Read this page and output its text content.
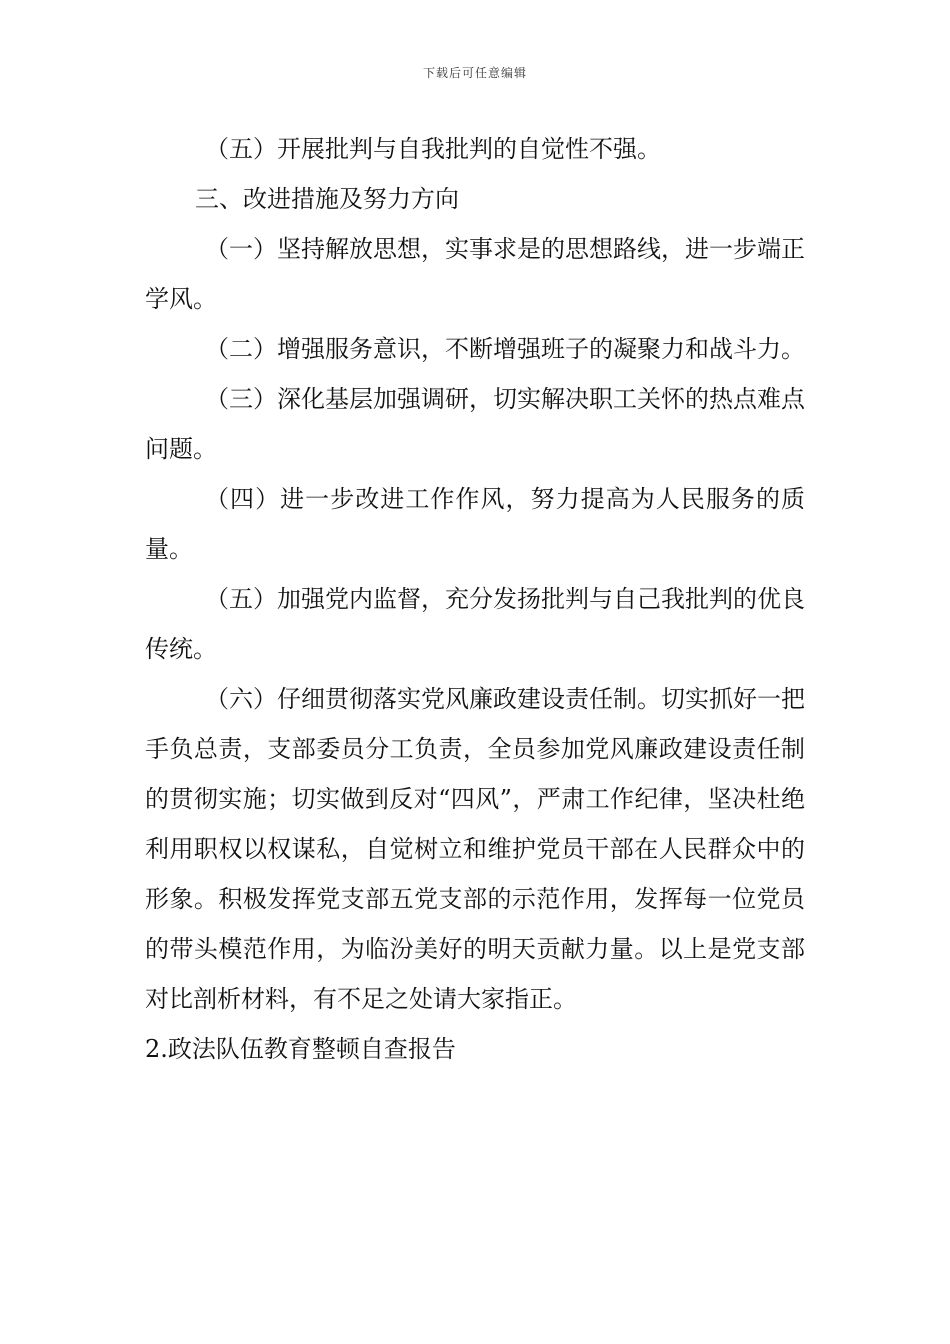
下载后可任意编辑

（五）开展批判与自我批判的自觉性不强。

三、改进措施及努力方向

（一）坚持解放思想，实事求是的思想路线，进一步端正学风。

（二）增强服务意识，不断增强班子的凝聚力和战斗力。

（三）深化基层加强调研，切实解决职工关怀的热点难点问题。

（四）进一步改进工作作风，努力提高为人民服务的质量。

（五）加强党内监督，充分发扬批判与自己我批判的优良传统。

（六）仔细贯彻落实党风廉政建设责任制。切实抓好一把手负总责，支部委员分工负责，全员参加党风廉政建设责任制的贯彻实施；切实做到反对“四风”，严肃工作纪律，坚决杜绝利用职权以权谋私，自觉树立和维护党员干部在人民群众中的形象。积极发挥党支部五党支部的示范作用，发挥每一位党员的带头模范作用，为临汾美好的明天贡献力量。以上是党支部对比剖析材料，有不足之处请大家指正。

2.政法队伍教育整顿自查报告
